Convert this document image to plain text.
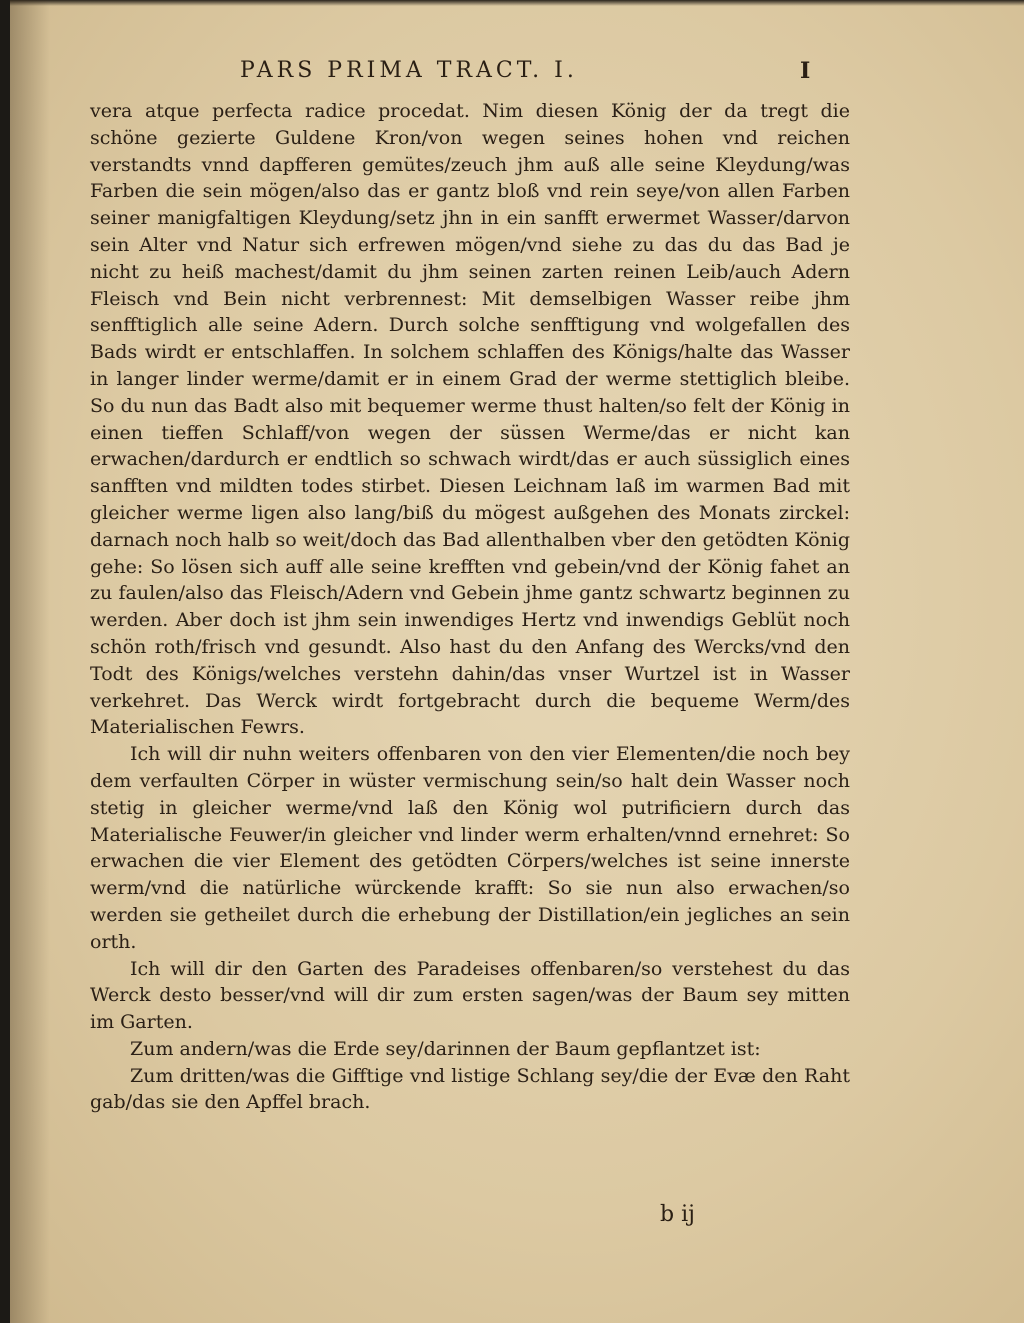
PARS PRIMA TRACT. I.	I

vera atque perfecta radice procedat. Nim diesen König der da tregt die schöne gezierte Guldene Kron/von wegen seines hohen vnd reichen verstandts vnnd dapfferen gemütes/zeuch jhm auß alle seine Kleydung/was Farben die sein mögen/also das er gantz bloß vnd rein seye/von allen Farben seiner manigfaltigen Kleydung/setz jhn in ein sanfft erwermet Wasser/darvon sein Alter vnd Natur sich erfrewen mögen/vnd siehe zu das du das Bad je nicht zu heiß machest/damit du jhm seinen zarten reinen Leib/auch Adern Fleisch vnd Bein nicht verbrennest: Mit demselbigen Wasser reibe jhm senfftiglich alle seine Adern. Durch solche senfftigung vnd wolgefallen des Bads wirdt er entschlaffen. In solchem schlaffen des Königs/halte das Wasser in langer linder werme/damit er in einem Grad der werme stettiglich bleibe. So du nun das Badt also mit bequemer werme thust halten/so felt der König in einen tieffen Schlaff/von wegen der süssen Werme/das er nicht kan erwachen/dardurch er endtlich so schwach wirdt/das er auch süssiglich eines sanfften vnd mildten todes stirbet. Diesen Leichnam laß im warmen Bad mit gleicher werme ligen also lang/biß du mögest außgehen des Monats zirckel: darnach noch halb so weit/doch das Bad allenthalben vber den getödten König gehe: So lösen sich auff alle seine krefften vnd gebein/vnd der König fahet an zu faulen/also das Fleisch/Adern vnd Gebein jhme gantz schwartz beginnen zu werden. Aber doch ist jhm sein inwendiges Hertz vnd inwendigs Geblüt noch schön roth/frisch vnd gesundt. Also hast du den Anfang des Wercks/vnd den Todt des Königs/welches verstehn dahin/das vnser Wurtzel ist in Wasser verkehret. Das Werck wirdt fortgebracht durch die bequeme Werm/des Materialischen Fewrs.

Ich will dir nuhn weiters offenbaren von den vier Elementen/die noch bey dem verfaulten Cörper in wüster vermischung sein/so halt dein Wasser noch stetig in gleicher werme/vnd laß den König wol putrificiern durch das Materialische Feuwer/in gleicher vnd linder werm erhalten/vnnd ernehret: So erwachen die vier Element des getödten Cörpers/welches ist seine innerste werm/vnd die natürliche würckende krafft: So sie nun also erwachen/so werden sie getheilet durch die erhebung der Distillation/ein jegliches an sein orth.

Ich will dir den Garten des Paradeises offenbaren/so verstehest du das Werck desto besser/vnd will dir zum ersten sagen/was der Baum sey mitten im Garten.

Zum andern/was die Erde sey/darinnen der Baum gepflantzet ist:

Zum dritten/was die Gifftige vnd listige Schlang sey/die der Evæ den Raht gab/das sie den Apffel brach.

b ij
